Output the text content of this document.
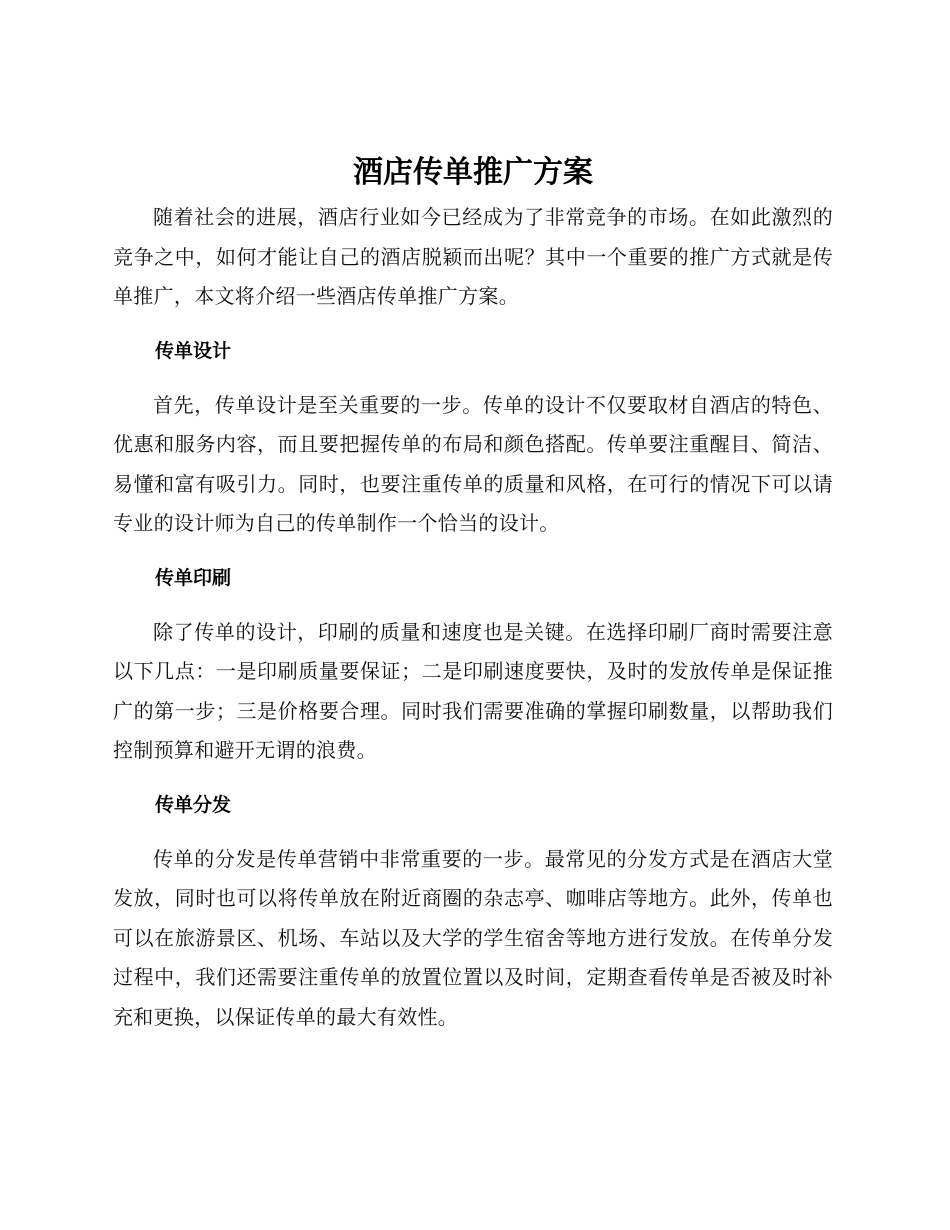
酒店传单推广方案

随着社会的进展，酒店行业如今已经成为了非常竞争的市场。在如此激烈的竞争之中，如何才能让自己的酒店脱颖而出呢？其中一个重要的推广方式就是传单推广，本文将介绍一些酒店传单推广方案。

传单设计

首先，传单设计是至关重要的一步。传单的设计不仅要取材自酒店的特色、优惠和服务内容，而且要把握传单的布局和颜色搭配。传单要注重醒目、简洁、易懂和富有吸引力。同时，也要注重传单的质量和风格，在可行的情况下可以请专业的设计师为自己的传单制作一个恰当的设计。

传单印刷

除了传单的设计，印刷的质量和速度也是关键。在选择印刷厂商时需要注意以下几点：一是印刷质量要保证；二是印刷速度要快，及时的发放传单是保证推广的第一步；三是价格要合理。同时我们需要准确的掌握印刷数量，以帮助我们控制预算和避开无谓的浪费。

传单分发

传单的分发是传单营销中非常重要的一步。最常见的分发方式是在酒店大堂发放，同时也可以将传单放在附近商圈的杂志亭、咖啡店等地方。此外，传单也可以在旅游景区、机场、车站以及大学的学生宿舍等地方进行发放。在传单分发过程中，我们还需要注重传单的放置位置以及时间，定期查看传单是否被及时补充和更换，以保证传单的最大有效性。
